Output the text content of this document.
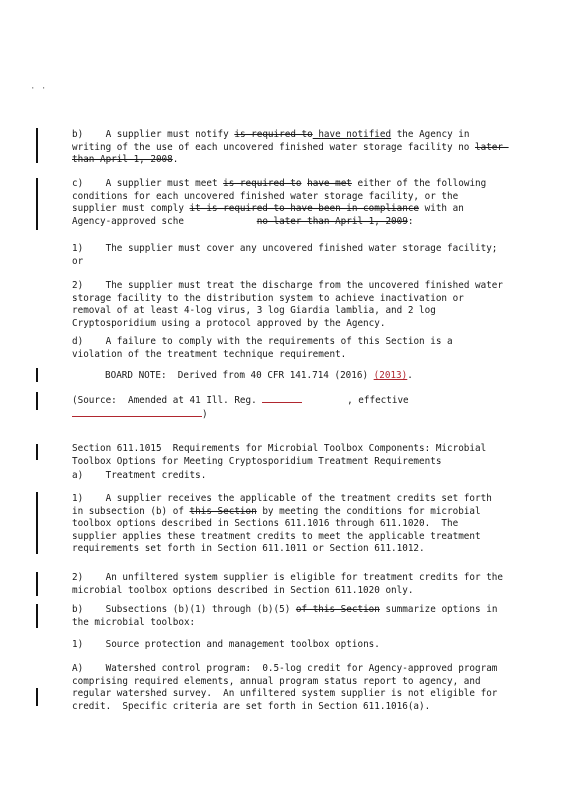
· ·
b) A supplier must notify is required to have notified the Agency in writing of the use of each uncovered finished water storage facility no later than April 1, 2008.
c) A supplier must meet is required to have met either of the following conditions for each uncovered finished water storage facility, or the supplier must comply it is required to have been in compliance with an Agency-approved sche	no later than April 1, 2009:
1) The supplier must cover any uncovered finished water storage facility; or
2) The supplier must treat the discharge from the uncovered finished water storage facility to the distribution system to achieve inactivation or removal of at least 4-log virus, 3 log Giardia lamblia, and 2 log Cryptosporidium using a protocol approved by the Agency.
d) A failure to comply with the requirements of this Section is a violation of the treatment technique requirement.
BOARD NOTE:  Derived from 40 CFR 141.714 (2016) (2013).
(Source:  Amended at 41 Ill. Reg.	, effective
)
Section 611.1015  Requirements for Microbial Toolbox Components: Microbial Toolbox Options for Meeting Cryptosporidium Treatment Requirements
a) Treatment credits.
1) A supplier receives the applicable of the treatment credits set forth in subsection (b) of this Section by meeting the conditions for microbial toolbox options described in Sections 611.1016 through 611.1020.  The supplier applies these treatment credits to meet the applicable treatment requirements set forth in Section 611.1011 or Section 611.1012.
2) An unfiltered system supplier is eligible for treatment credits for the microbial toolbox options described in Section 611.1020 only.
b) Subsections (b)(1) through (b)(5) of this Section summarize options in the microbial toolbox:
1) Source protection and management toolbox options.
A) Watershed control program:  0.5-log credit for Agency-approved program comprising required elements, annual program status report to agency, and regular watershed survey.  An unfiltered system supplier is not eligible for credit.  Specific criteria are set forth in Section 611.1016(a).
